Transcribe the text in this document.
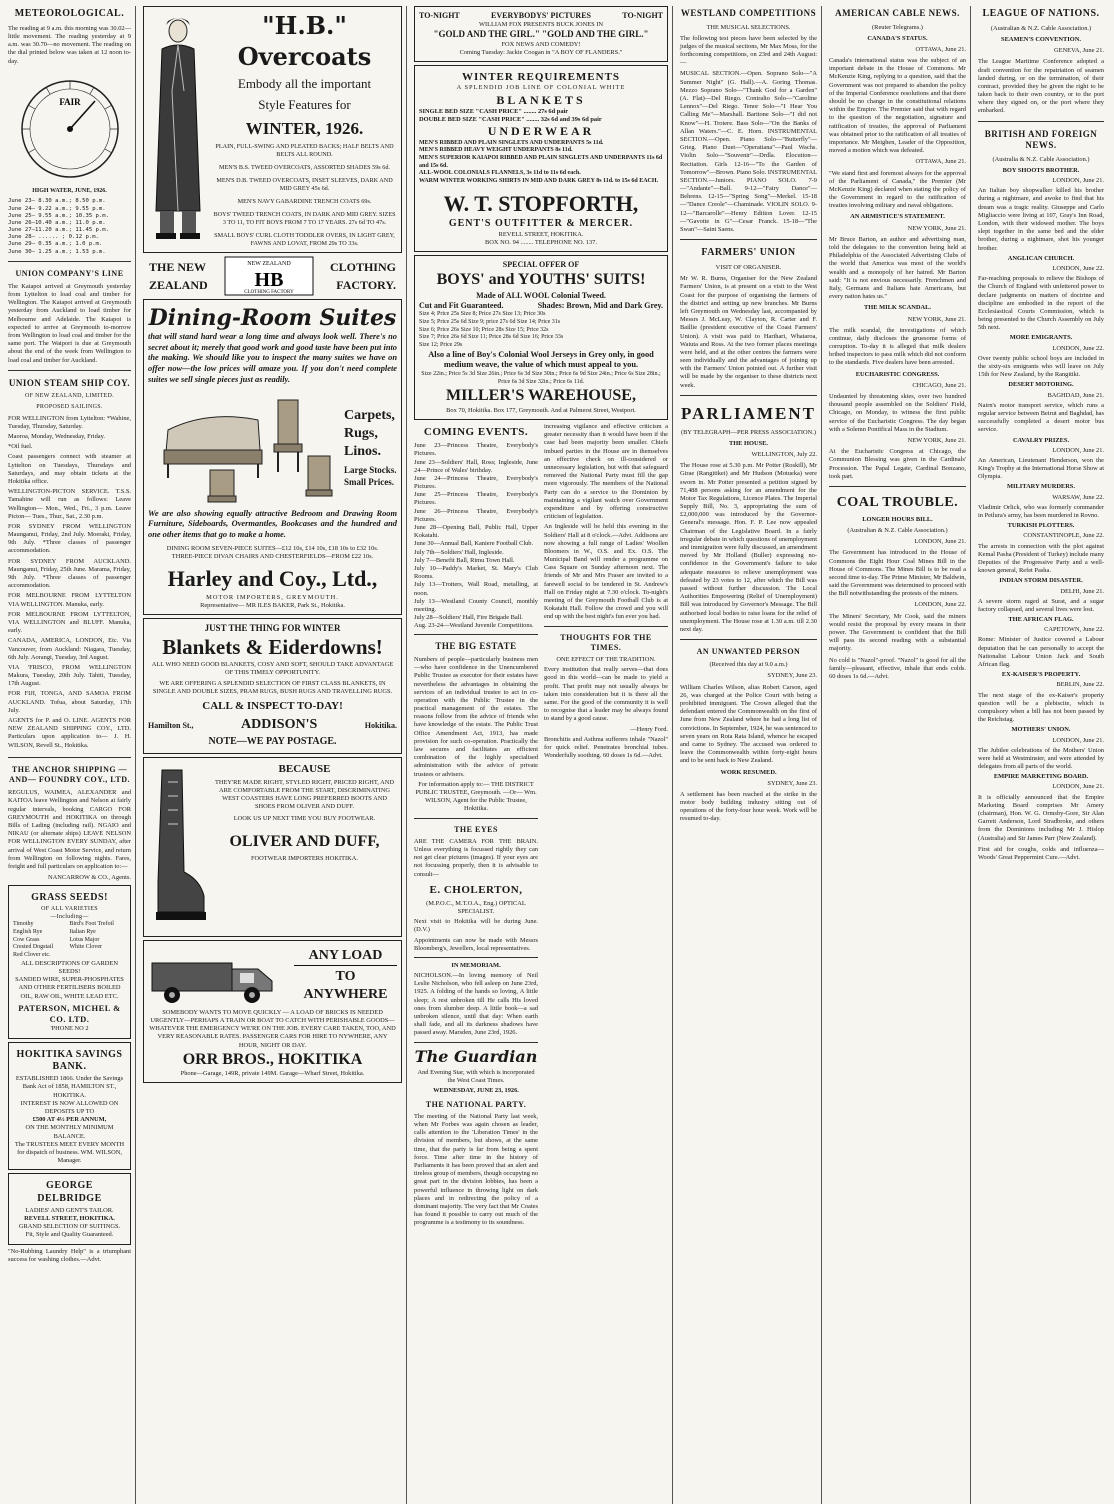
METEOROLOGICAL.
The reading at 9 a.m. this morning was 30.02—little movement. The reading yesterday at 9 a.m. was 30.70—no movement. The reading on the dial printed below was taken at 12 noon to-day.
FAIR
HIGH WATER, JUNE, 1926.
June 23— 8.30 a.m.; 8.50 p.m.
June 24— 9.22 a.m.; 9.55 p.m.
June 25— 9.55 a.m.; 10.35 p.m.
June 26—10.40 a.m.; 11.0 p.m.
June 27—11.20 a.m.; 11.45 p.m.
June 28— ...... ; 0.12 p.m.
June 29— 0.35 a.m.; 1.0 p.m.
June 30— 1.25 a.m.; 1.53 p.m.
UNION COMPANY'S LINE
The Kaiapoi arrived at Greymouth yesterday from Lyttelton to load coal and timber for Wellington. The Kaiapoi arrived at Greymouth yesterday from Auckland to load timber for Melbourne and Adelaide. The Kaiapoi is expected to arrive at Greymouth to-morrow from Wellington to load coal and timber for the same port. The Waipori is due at Greymouth about the end of the week from Wellington to load coal and timber for Auckland.
UNION STEAM SHIP COY.
OF NEW ZEALAND, LIMITED.
PROPOSED SAILINGS.
FOR WELLINGTON from Lyttelton: *Wahine, Tuesday, Thursday, Saturday.
Maoroa, Monday, Wednesday, Friday.
*Oil fuel.
Coast passengers connect with steamer at Lyttelton on Tuesdays, Thursdays and Saturdays, and may obtain tickets at the Hokitika office.
WELLINGTON-PICTON SERVICE. T.S.S. Tamahine will run as follows: Leave Wellington— Mon., Wed., Fri., 3 p.m. Leave Picton— Tues., Thur., Sat., 2.30 p.m.
FOR SYDNEY FROM WELLINGTON Maunganui, Friday, 2nd July. Moeraki, Friday, 9th July. *Three classes of passenger accommodation.
FOR SYDNEY FROM AUCKLAND. Maunganui, Friday, 25th June. Marama, Friday, 9th July. *Three classes of passenger accommodation.
FOR MELBOURNE FROM LYTTELTON VIA WELLINGTON. Manuka, early.
FOR MELBOURNE FROM LYTTELTON, VIA WELLINGTON and BLUFF. Manuka, early.
CANADA, AMERICA, LONDON, Etc. Via Vancouver, from Auckland: Niagara, Tuesday, 6th July. Aorangi, Tuesday, 3rd August.
VIA 'FRISCO, FROM WELLINGTON Makura, Tuesday, 20th July. Tahiti, Tuesday, 17th August.
FOR FIJI, TONGA, AND SAMOA FROM AUCKLAND. Tofua, about Saturday, 17th July.
AGENTS for P. and O. LINE. AGENTS FOR NEW ZEALAND SHIPPING COY., LTD. Particulars upon application to— J. H. WILSON, Revell St., Hokitika.
THE ANCHOR SHIPPING —AND— FOUNDRY COY., LTD.
REGULUS, WAIMEA, ALEXANDER and KAITOA leave Wellington and Nelson at fairly regular intervals, booking CARGO FOR GREYMOUTH and HOKITIKA on through Bills of Lading (including rail). NGAIO and NIKAU (or alternate ships) LEAVE NELSON FOR WELLINGTON EVERY SUNDAY, after arrival of West Coast Motor Service, and return from Wellington on following nights. Fares, freight and full particulars on application to:—
NANCARROW & CO., Agents.
GRASS SEEDS!
OF ALL VARIETIES
—Including—
Timothy	Bird's Foot Trefoil
English Rye	Italian Rye
Cow Grass	Lotus Major
Crested Dogstail	White Clover
Red Clover etc.
ALL DESCRIPTIONS OF GARDEN SEEDS!
SANDED WIRE, SUPER-PHOSPHATES AND OTHER FERTILISERS BOILED OIL, RAW OIL, WHITE LEAD ETC.
PATERSON, MICHEL & CO. LTD.
'PHONE NO 2
HOKITIKA SAVINGS BANK.
ESTABLISHED 1866. Under the Savings Bank Act of 1858, HAMILTON ST., HOKITIKA.
INTEREST IS NOW ALLOWED ON DEPOSITS UP TO
£500 AT 4½ PER ANNUM,
ON THE MONTHLY MINIMUM BALANCE.
The TRUSTEES MEET EVERY MONTH for dispatch of business. WM. WILSON, Manager.
GEORGE DELBRIDGE
LADIES' AND GENT'S TAILOR.
REVELL STREET, HOKITIKA.
GRAND SELECTION OF SUITINGS.
Fit, Style and Quality Guaranteed.
"No-Rubbing Laundry Help" is a triumphant success for washing clothes.—Advt.
"H.B." Overcoats
Embody all the important
Style Features for
WINTER, 1926.
PLAIN, FULL-SWING AND PLEATED BACKS; HALF BELTS AND BELTS ALL ROUND.
MEN'S B.S. TWEED OVERCOATS, ASSORTED SHADES 59s 6d.
MEN'S D.B. TWEED OVERCOATS, INSET SLEEVES, DARK AND MID GREY 45s 6d.
MEN'S NAVY GABARDINE TRENCH COATS 69s.
BOYS' TWEED TRENCH COATS, IN DARK AND MID GREY. SIZES 3 TO 11, TO FIT BOYS FROM 7 TO 17 YEARS. 27s 6d TO 47s.
SMALL BOYS' CURL CLOTH TODDLER OVERS, IN LIGHT GREY, FAWNS AND LOVAT, FROM 29s TO 33s.
THE NEW
ZEALAND
NEW ZEALAND
HB
CLOTHING FACTORY
CLOTHING
FACTORY.
Dining-Room Suites
that will stand hard wear a long time and always look well. There's no secret about it; merely that good work and good taste have been put into the making. We should like you to inspect the many suites we have on offer now—the low prices will amaze you. If you don't need complete suites we sell single pieces just as readily.
Carpets,
Rugs,
Linos.
Large Stocks. Small Prices.
We are also showing equally attractive Bedroom and Drawing Room Furniture, Sideboards, Overmantles, Bookcases and the hundred and one other items that go to make a home.
DINING ROOM SEVEN-PIECE SUITES—£12 10s, £14 10s, £18 10s to £32 10s.
THREE-PIECE DIVAN CHAIRS AND CHESTERFIELDS—FROM £22 10s.
Harley and Coy., Ltd.,
MOTOR IMPORTERS, GREYMOUTH.
Representative— MR ILES BAKER, Park St., Hokitika.
JUST THE THING FOR WINTER
Blankets & Eiderdowns!
ALL WHO NEED GOOD BLANKETS, COSY AND SOFT, SHOULD TAKE ADVANTAGE OF THIS TIMELY OPPORTUNITY.
WE ARE OFFERING A SPLENDID SELECTION OF FIRST CLASS BLANKETS, IN SINGLE AND DOUBLE SIZES, PRAM RUGS, BUSH RUGS AND TRAVELLING RUGS.
CALL & INSPECT TO-DAY!
Hamilton St.,	ADDISON'S	Hokitika.
NOTE—WE PAY POSTAGE.
BECAUSE
THEY'RE MADE RIGHT, STYLED RIGHT, PRICED RIGHT, AND ARE COMFORTABLE FROM THE START, DISCRIMINATING WEST COASTERS HAVE LONG PREFERRED BOOTS AND SHOES FROM OLIVER AND DUFF.
LOOK US UP NEXT TIME YOU BUY FOOTWEAR.
OLIVER AND DUFF,
FOOTWEAR IMPORTERS HOKITIKA.
ANY LOAD
TO ANYWHERE
SOMEBODY WANTS TO MOVE QUICKLY — A LOAD OF BRICKS IS NEEDED URGENTLY—PERHAPS A TRAIN OR BOAT TO CATCH WITH PERISHABLE GOODS—WHATEVER THE EMERGENCY WE'RE ON THE JOB. EVERY CARE TAKEN, TOO, AND VERY REASONABLE RATES. PASSENGER CARS FOR HIRE TO NYWHERE, ANY HOUR, NIGHT OR DAY.
ORR BROS., HOKITIKA
Phone—Garage, 149R, private 149M. Garage—Wharf Street, Hokitika.
TO-NIGHT	EVERYBODYS' PICTURES	TO-NIGHT
WILLIAM FOX PRESENTS BUCK JONES IN
"GOLD AND THE GIRL." "GOLD AND THE GIRL."
FOX NEWS AND COMEDY!
Coming Tuesday: Jackie Coogan in "A BOY OF FLANDERS."
WINTER REQUIREMENTS
A SPLENDID JOB LINE OF COLONIAL WHITE
BLANKETS
SINGLE BED SIZE "CASH PRICE" ........ 27s 6d pair
DOUBLE BED SIZE "CASH PRICE" ........ 32s 6d and 39s 6d pair
UNDERWEAR
MEN'S RIBBED AND PLAIN SINGLETS AND UNDERPANTS 5s 11d.
MEN'S RIBBED HEAVY WEIGHT UNDERPANTS 8s 11d.
MEN'S SUPERIOR KAIAPOI RIBBED AND PLAIN SINGLETS AND UNDERPANTS 11s 6d and 15s 6d.
ALL-WOOL COLONIALS FLANNELS, 3s 11d to 11s 6d each.
WARM WINTER WORKING SHIRTS IN MID AND DARK GREY 8s 11d. to 15s 6d EACH.
W. T. STOPFORTH,
GENT'S OUTFITTER & MERCER.
REVELL STREET, HOKITIKA.
BOX NO. 94 ........ TELEPHONE NO. 137.
SPECIAL OFFER OF
BOYS' and YOUTHS' SUITS!
Made of ALL WOOL Colonial Tweed.
Cut and Fit Guaranteed.	Shades: Brown, Mid and Dark Grey.
Size 4; Price 25s Size 8; Price 27s Size 13; Price 30s
Size 5; Price 25s 6d Size 9; price 27s 6d Size 14; Price 31s
Size 6; Price 26s Size 10; Price 28s Size 15; Price 32s
Size 7; Price 26s 6d Size 11; Price 28s 6d Size 16; Price 33s
Size 12; Price 29s
Also a line of Boy's Colonial Wool Jerseys in Grey only, in good medium weave, the value of which must appeal to you.
Size 22in.; Price 5s 3d Size 26in.; Price 6s 3d Size 30in.; Price 6s 9d Size 24in.; Price 6s Size 28in.; Price 6s 3d Size 32in.; Price 6s 11d.
MILLER'S WAREHOUSE,
Box 70, Hokitika. Box 177, Greymouth. And at Palmerst Street, Westport.
COMING EVENTS.
June 23—Princess Theatre, Everybody's Pictures.
June 23—Soldiers' Hall, Ross; Ingleside, June 24—Prince of Wales' birthday.
June 24—Princess Theatre, Everybody's Pictures.
June 25—Princess Theatre, Everybody's Pictures.
June 26—Princess Theatre, Everybody's Pictures.
June 28—Opening Ball, Public Hall, Upper Kokatahi.
June 30—Annual Ball, Kaniere Football Club.
July 7th—Soldiers' Hall, Ingleside.
July 7—Benefit Ball, Rimu Town Hall.
July 10—Paddy's Market, St. Mary's Club Rooms.
July 13—Trotters, Wall Road, metalling, at noon.
July 13—Westland County Council, monthly meeting.
July 28—Soldiers' Hall, Fire Brigade Ball.
Aug. 23-24—Westland Juvenile Competitions.
THE BIG ESTATE
Numbers of people—particularly business men—who have confidence in the Unencumbered Public Trustee as executor for their estates have nevertheless the advantages in obtaining the services of an individual trustee to act in co-operation with the Public Trustee in the practical management of the estates. The reasons follow from the advice of friends who have knowledge of the estate. The Public Trust Office Amendment Act, 1913, has made provision for such co-operation. Practically the law secures and facilitates an efficient combination of the highly specialised administration with the advice of private trustees or advisers.
For information apply to:— THE DISTRICT PUBLIC TRUSTEE, Greymouth. —Or— Wm. WILSON, Agent for the Public Trustee, Hokitika.
THE EYES
ARE THE CAMERA FOR THE BRAIN. Unless everything is focussed rightly they can not get clear pictures (images). If your eyes are not focussing properly, then it is advisable to consult—
E. CHOLERTON,
(M.P.O.C., M.T.O.A., Eng.) OPTICAL SPECIALIST.
Next visit to Hokitika will be during June. (D.V.)
Appointments can now be made with Messrs Bloomberg's, Jewellers, local representatives.
IN MEMORIAM.
NICHOLSON.—In loving memory of Neil Leslie Nicholson, who fell asleep on June 23rd, 1925. A folding of the hands so loving, A little sleep; A rest unbroken till He calls His loved ones from slumber deep. A little book—a sad unbroken silence, until that day: When earth shall fade, and all its darkness shadows have passed away. Marsden, June 23rd, 1926.
The Guardian
And Evening Star, with which is incorporated the West Coast Times.
WEDNESDAY, JUNE 23, 1926.
THE NATIONAL PARTY.
The meeting of the National Party last week, when Mr Forbes was again chosen as leader, calls attention to the 'Liberation Times' in the division of members, but shows, at the same time, that the party is far from being a spent force. Time after time in the history of Parliaments it has been proved that an alert and tireless group of members, though occupying no great part in the division lobbies, has been a powerful influence in throwing light on dark places and in redirecting the policy of a dominant majority. The very fact that Mr Coates has found it possible to carry out much of the programme is a testimony to its soundness.
increasing vigilance and effective criticism a greater necessity than it would have been if the case had been majority been smaller. Chiefs imbued parties in the House are in themselves an effective check on ill-considered or unnecessary legislation, but with that safeguard removed the National Party must fill the gap more vigorously. The members of the National Party can do a service to the Dominion by maintaining a vigilant watch over Government expenditure and by offering constructive criticism of legislation.
An Ingleside will be held this evening in the Soldiers' Hall at 8 o'clock.—Advt. Addisons are now showing a full range of Ladies' Woollen Bloomers in W., O.S. and Ex. O.S. The Municipal Band will render a programme on Cass Square on Sunday afternoon next. The friends of Mr and Mrs Fraser are invited to a farewell social to be tendered in St. Andrew's Hall on Friday night at 7.30 o'clock. To-night's meeting of the Greymouth Football Club is at Kokatahi Hall. Follow the crowd and you will end up with the best night's fun ever you had.
THOUGHTS FOR THE TIMES.
ONE EFFECT OF THE TRADITION.
Every institution that really serves—that does good in this world—can be made to yield a profit. That profit may not usually always be taken into consideration but it is there all the same. For the good of the community it is well to recognise that a leader may be always found to stand by a good cause.
—Henry Ford.
Bronchitis and Asthma sufferers inhale "Nazol" for quick relief. Penetrates bronchial tubes. Wonderfully soothing. 60 doses 1s 6d.—Advt.
WESTLAND COMPETITIONS
THE MUSICAL SELECTIONS.
The following test pieces have been selected by the judges of the musical sections, Mr Max Moss, for the forthcoming competitions, on 23rd and 24th August:—
MUSICAL SECTION.—Open. Soprano Solo—"A Summer Night" (G. Hall).—A. Goring Thomas. Mezzo Soprano Solo—"Thank God for a Garden" (A. Flat)—Del Riego. Contralto Solo—"Caroline Lennox"—Del Riego. Tenor Solo—"I Hear You Calling Me"—Marshall. Baritone Solo—"I did not Know"—H. Trotere. Bass Solo—"On the Banks of Allan Waters."—C. E. Horn. INSTRUMENTAL SECTION.—Open. Piano Solo—"Butterfly"—Grieg. Piano Duet—"Operatiana"—Paul Wachs. Violin Solo—"Souvenir"—Drdla. Elocution—Recitation. Girls 12-16—"To the Garden of Tomorrow"—Brown. Piano Solo. INSTRUMENTAL SECTION.—Juniors. PIANO SOLO. 7-9—"Andante"—Ball. 9-12—"Fairy Dance"—Behrens. 12-15—"Spring Song"—Merkel. 15-18—"Dance Creole"—Chaminade. VIOLIN SOLO. 9-12—"Barcarolle"—Henry Edition Lover. 12-15—"Gavotte in G"—Cesar Franck. 15-18—"The Swan"—Saint Saens.
FARMERS' UNION
VISIT OF ORGANISER.
Mr W. R. Burns, Organiser for the New Zealand Farmers' Union, is at present on a visit to the West Coast for the purpose of organising the farmers of the district and setting up new branches. Mr Burns left Greymouth on Wednesday last, accompanied by Messrs J. McLeay, W. Clayton, R. Carter and F. Baillie (president executive of the Coast Farmers' Union). A visit was paid to Harihari, Whataroa, Waiuta and Ross. At the two former places meetings were held, and at the other centres the farmers were seen individually and the advantages of joining up with the Farmers' Union pointed out. A further visit will be made by the organiser to these districts next week.
PARLIAMENT
(BY TELEGRAPH—PER PRESS ASSOCIATION.)
THE HOUSE.
WELLINGTON, July 22.
The House rose at 5.30 p.m. Mr Potter (Roskill), Mr Girae (Rangitikei) and Mr Hudson (Motueka) were sworn in. Mr Potter presented a petition signed by 71,488 persons asking for an amendment for the Motor Tax Regulations, Licence Plates. The Imperial Supply Bill, No. 3, appropriating the sum of £2,000,000 was introduced by the Governor-General's message. Hon. F. P. Lee now appealed Chairman of the Legislative Board. In a fairly irregular debate in which questions of unemployment and immigration were fully discussed, an amendment moved by Mr Holland (Buller) expressing no-confidence in the Government's failure to take adequate measures to relieve unemployment was defeated by 23 votes to 12, after which the Bill was passed without further discussion. The Local Authorities Empowering (Relief of Unemployment) Bill was introduced by Governor's Message. The Bill authorised local bodies to raise loans for the relief of unemployment. The House rose at 1.30 a.m. till 2.30 next day.
AN UNWANTED PERSON
(Received this day at 9.0 a.m.)
SYDNEY, June 23.
William Charles Wilson, alias Robert Carson, aged 26, was charged at the Police Court with being a prohibited immigrant. The Crown alleged that the defendant entered the Commonwealth on the first of June from New Zealand where he had a long list of convictions. In September, 1924, he was sentenced to seven years on Rota Rata Island, whence he escaped and came to Sydney. The accused was ordered to leave the Commonwealth within forty-eight hours and to be sent back to New Zealand.
WORK RESUMED.
SYDNEY, June 23.
A settlement has been reached at the strike in the motor body building industry sitting out of operations of the forty-four hour week. Work will be resumed to-day.
AMERICAN CABLE NEWS.
(Reuter Telegrams.)
CANADA'S STATUS.
OTTAWA, June 21.
Canada's international status was the subject of an important debate in the House of Commons. Mr McKenzie King, replying to a question, said that the Government was not prepared to abandon the policy of the Imperial Conference resolutions and that there should be no change in the constitutional relations within the Empire. The Premier said that with regard to the question of the negotiation, signature and ratification of treaties, the approval of Parliament was obtained prior to the ratification of all treaties of importance. Mr Meighen, Leader of the Opposition, moved a motion which was defeated.
OTTAWA, June 21.
"We stand first and foremost always for the approval of the Parliament of Canada," the Premier (Mr McKenzie King) declared when stating the policy of the Government in regard to the ratification of treaties involving military and naval obligations.
AN ARMISTICE'S STATEMENT.
NEW YORK, June 21.
Mr Bruce Barton, an author and advertising man, told the delegates to the convention being held at Philadelphia of the Associated Advertising Clubs of the world that America was most of the world's wealth and a monopoly of her hatred. Mr Barton said: "It is not envious necessarily. Frenchmen and Italy, Germans and Italians hate Americans, but every nation hates us."
THE MILK SCANDAL.
NEW YORK, June 21.
The milk scandal, the investigations of which continue, daily discloses the gruesome forms of corruption. To-day it is alleged that milk dealers bribed inspectors to pass milk which did not conform to the standards. Five dealers have been arrested.
EUCHARISTIC CONGRESS.
CHICAGO, June 21.
Undaunted by threatening skies, over two hundred thousand people assembled on the Soldiers' Field, Chicago, on Monday, to witness the first public service of the Eucharistic Congress. The day began with a Solemn Pontifical Mass in the Stadium.
NEW YORK, June 21.
At the Eucharistic Congress at Chicago, the Communion Blessing was given in the Cardinals' Procession. The Papal Legate, Cardinal Bonzano, took part.
COAL TROUBLE.
LONGER HOURS BILL.
(Australian & N.Z. Cable Association.)
LONDON, June 21.
The Government has introduced in the House of Commons the Eight Hour Coal Mines Bill in the House of Commons. The Mines Bill is to be read a second time to-day. The Prime Minister, Mr Baldwin, said the Government was determined to proceed with the Bill notwithstanding the protests of the miners.
LONDON, June 22.
The Miners' Secretary, Mr Cook, said the miners would resist the proposal by every means in their power. The Government is confident that the Bill will pass its second reading with a substantial majority.
No cold is "Nazol"-proof. "Nazol" is good for all the family—pleasant, effective, inhale that ends colds. 60 doses 1s 6d.—Advt.
LEAGUE OF NATIONS.
(Australian & N.Z. Cable Association.)
SEAMEN'S CONVENTION.
GENEVA, June 21.
The League Maritime Conference adopted a draft convention for the repatriation of seamen landed during, or on the termination, of their contract, provided they be given the right to be taken back to their own country, or to the port where they signed on, or the port where they embarked.
BRITISH AND FOREIGN NEWS.
(Australia & N.Z. Cable Association.)
BOY SHOOTS BROTHER.
LONDON, June 21.
An Italian boy shopwalker killed his brother during a nightmare, and awoke to find that his dream was a tragic reality. Giuseppe and Carlo Migliaccio were living at 107, Gray's Inn Road, London, with their widowed mother. The boys slept together in the same bed and the elder brother, during a nightmare, shot his younger brother.
ANGLICAN CHURCH.
LONDON, June 22.
Far-reaching proposals to relieve the Bishops of the Church of England with unfettered power to declare judgments on matters of doctrine and discipline are embodied in the report of the Ecclesiastical Courts Commission, which is being presented to the Church Assembly on July 5th next.
MORE EMIGRANTS.
LONDON, June 22.
Over twenty public school boys are included in the sixty-six emigrants who will leave on July 15th for New Zealand, by the Rangitiki.
DESERT MOTORING.
BAGHDAD, June 21.
Nairn's motor transport service, which runs a regular service between Beirut and Baghdad, has successfully completed a desert motor bus service.
CAVALRY PRIZES.
LONDON, June 21.
An American, Lieutenant Henderson, won the King's Trophy at the International Horse Show at Olympia.
MILITARY MURDERS.
WARSAW, June 22.
Vladimir Orlick, who was formerly commander in Petlura's army, has been murdered in Rovno.
TURKISH PLOTTERS.
CONSTANTINOPLE, June 22.
The arrests in connection with the plot against Kemal Pasha (President of Turkey) include many Deputies of the Progressive Party and a well-known general, Refet Pasha.
INDIAN STORM DISASTER.
DELHI, June 21.
A severe storm raged at Surat, and a sugar factory collapsed, and several lives were lost.
THE AFRICAN FLAG.
CAPETOWN, June 22.
Rome: Minister of Justice covered a Labour deputation that he can personally to accept the Nationalist Labour Union Jack and South African flag.
EX-KAISER'S PROPERTY.
BERLIN, June 22.
The next stage of the ex-Kaiser's property question will be a plebiscite, which is compulsory when a bill has not been passed by the Reichstag.
MOTHERS' UNION.
LONDON, June 21.
The Jubilee celebrations of the Mothers' Union were held at Westminster, and were attended by delegates from all parts of the world.
EMPIRE MARKETING BOARD.
LONDON, June 21.
It is officially announced that the Empire Marketing Board comprises Mr Amery (chairman), Hon. W. G. Ormsby-Gore, Sir Alan Garrett Anderson, Lord Stradbroke, and others from the Dominions including Mr J. Hislop (Australia) and Sir James Parr (New Zealand).
First aid for coughs, colds and influenza—Woods' Great Peppermint Cure.—Advt.
